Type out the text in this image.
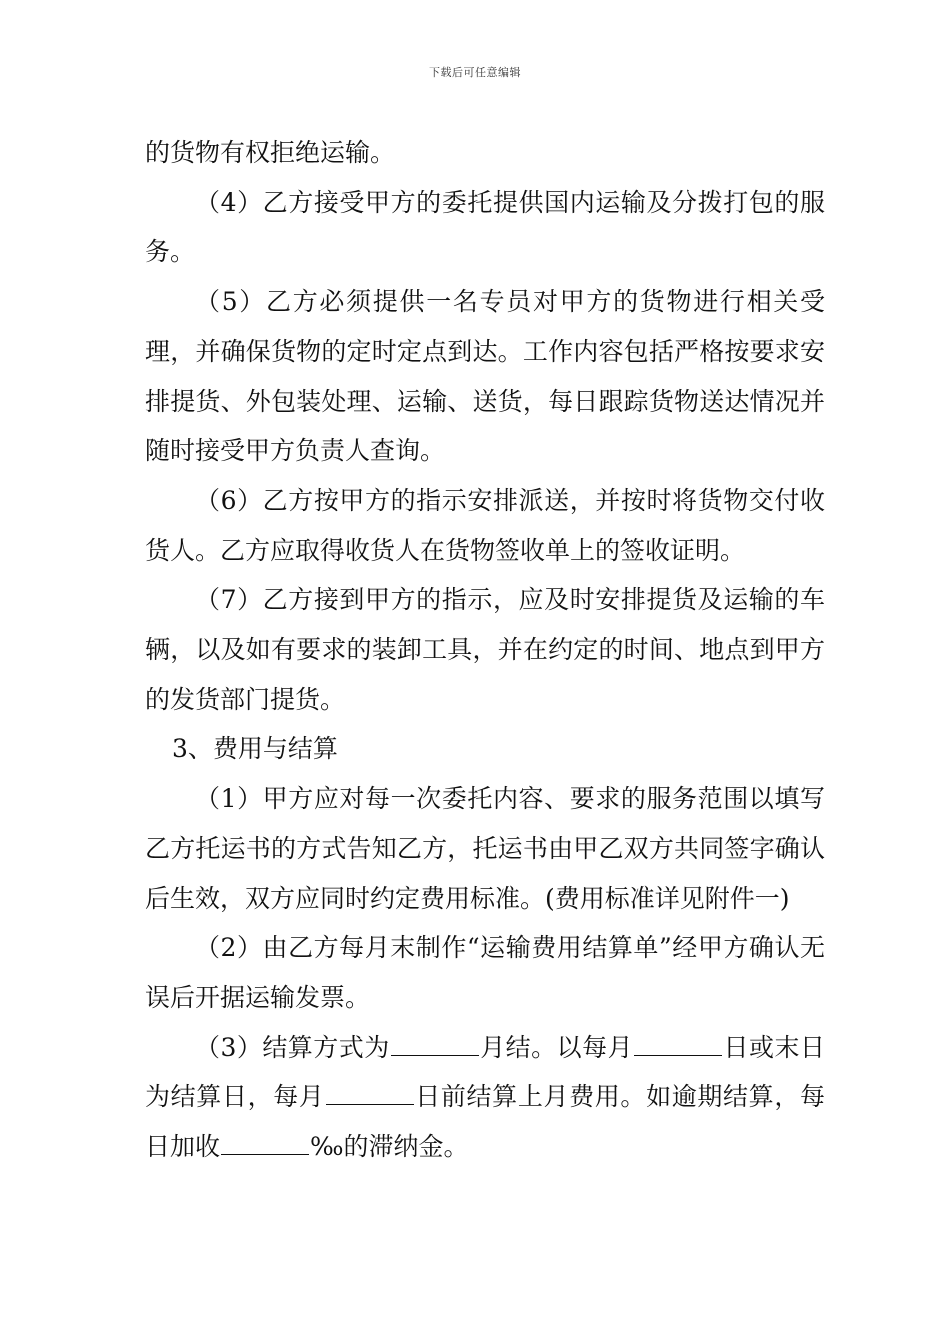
下载后可任意编辑

的货物有权拒绝运输。

（4）乙方接受甲方的委托提供国内运输及分拨打包的服务。

（5）乙方必须提供一名专员对甲方的货物进行相关受理，并确保货物的定时定点到达。工作内容包括严格按要求安排提货、外包装处理、运输、送货，每日跟踪货物送达情况并随时接受甲方负责人查询。

（6）乙方按甲方的指示安排派送，并按时将货物交付收货人。乙方应取得收货人在货物签收单上的签收证明。

（7）乙方接到甲方的指示，应及时安排提货及运输的车辆，以及如有要求的装卸工具，并在约定的时间、地点到甲方的发货部门提货。

3、费用与结算

（1）甲方应对每一次委托内容、要求的服务范围以填写乙方托运书的方式告知乙方，托运书由甲乙双方共同签字确认后生效，双方应同时约定费用标准。(费用标准详见附件一)

（2）由乙方每月末制作“运输费用结算单”经甲方确认无误后开据运输发票。

（3）结算方式为	月结。以每月	日或末日为结算日，每月	日前结算上月费用。如逾期结算，每日加收	‰的滞纳金。
